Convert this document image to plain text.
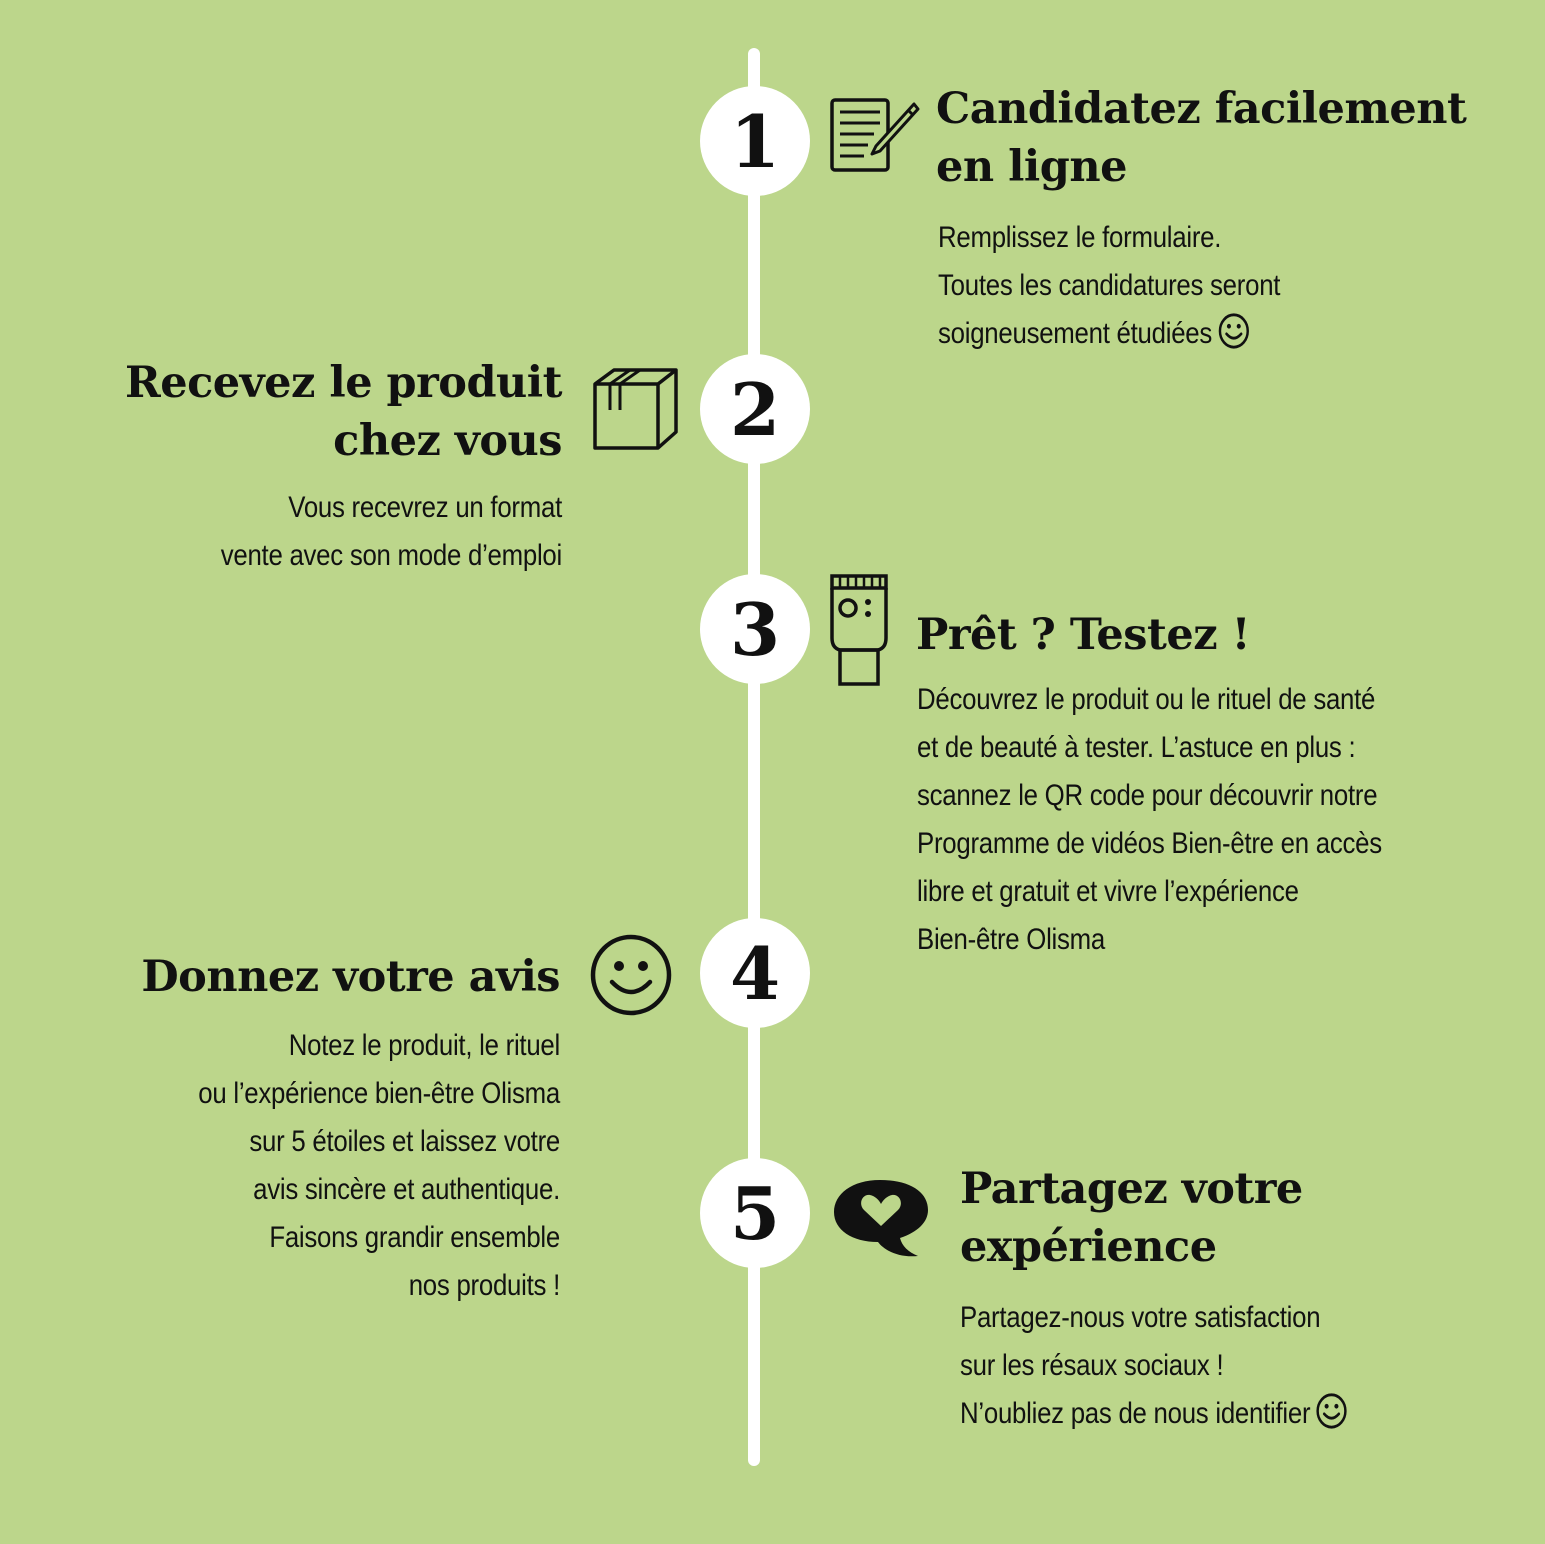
1	Candidatez facilement
en ligne
Remplissez le formulaire.
Toutes les candidatures seront
soigneusement étudiées
2
Recevez le produit
chez vous
Vous recevrez un format
vente avec son mode d’emploi
3	Prêt ? Testez !
Découvrez le produit ou le rituel de santé
et de beauté à tester. L’astuce en plus :
scannez le QR code pour découvrir notre
Programme de vidéos Bien-être en accès
libre et gratuit et vivre l’expérience
Bien-être Olisma
4
Donnez votre avis
Notez le produit, le rituel
ou l’expérience bien-être Olisma
sur 5 étoiles et laissez votre
avis sincère et authentique.
Faisons grandir ensemble
nos produits !
5	Partagez votre
expérience
Partagez-nous votre satisfaction
sur les résaux sociaux !
N’oubliez pas de nous identifier
